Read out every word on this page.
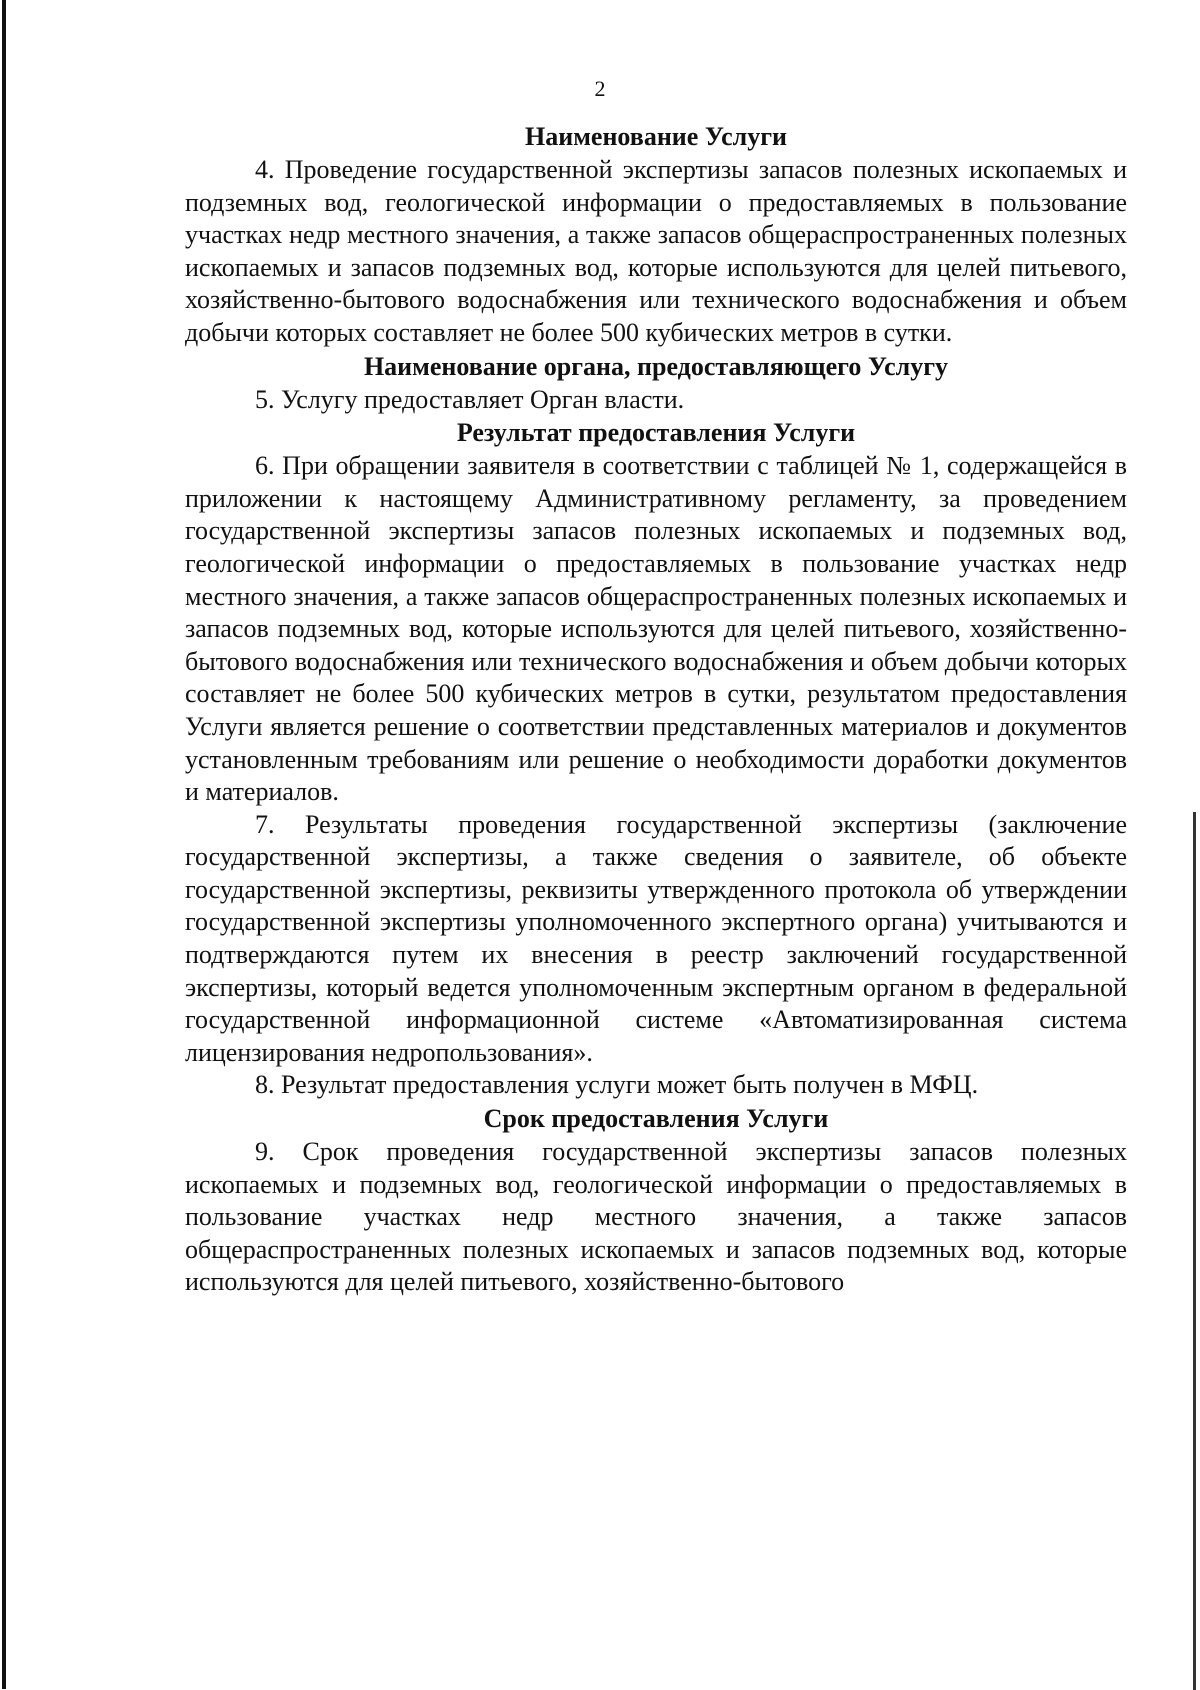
2
Наименование Услуги

4. Проведение государственной экспертизы запасов полезных ископаемых и подземных вод, геологической информации о предоставляемых в пользование участках недр местного значения, а также запасов общераспространенных полезных ископаемых и запасов подземных вод, которые используются для целей питьевого, хозяйственно-бытового водоснабжения или технического водоснабжения и объем добычи которых составляет не более 500 кубических метров в сутки.

Наименование органа, предоставляющего Услугу

5. Услугу предоставляет Орган власти.

Результат предоставления Услуги

6. При обращении заявителя в соответствии с таблицей № 1, содержащейся в приложении к настоящему Административному регламенту, за проведением государственной экспертизы запасов полезных ископаемых и подземных вод, геологической информации о предоставляемых в пользование участках недр местного значения, а также запасов общераспространенных полезных ископаемых и запасов подземных вод, которые используются для целей питьевого, хозяйственно-бытового водоснабжения или технического водоснабжения и объем добычи которых составляет не более 500 кубических метров в сутки, результатом предоставления Услуги является решение о соответствии представленных материалов и документов установленным требованиям или решение о необходимости доработки документов и материалов.

7. Результаты проведения государственной экспертизы (заключение государственной экспертизы, а также сведения о заявителе, об объекте государственной экспертизы, реквизиты утвержденного протокола об утверждении государственной экспертизы уполномоченного экспертного органа) учитываются и подтверждаются путем их внесения в реестр заключений государственной экспертизы, который ведется уполномоченным экспертным органом в федеральной государственной информационной системе «Автоматизированная система лицензирования недропользования».

8. Результат предоставления услуги может быть получен в МФЦ.

Срок предоставления Услуги

9. Срок проведения государственной экспертизы запасов полезных ископаемых и подземных вод, геологической информации о предоставляемых в пользование участках недр местного значения, а также запасов общераспространенных полезных ископаемых и запасов подземных вод, которые используются для целей питьевого, хозяйственно-бытового
